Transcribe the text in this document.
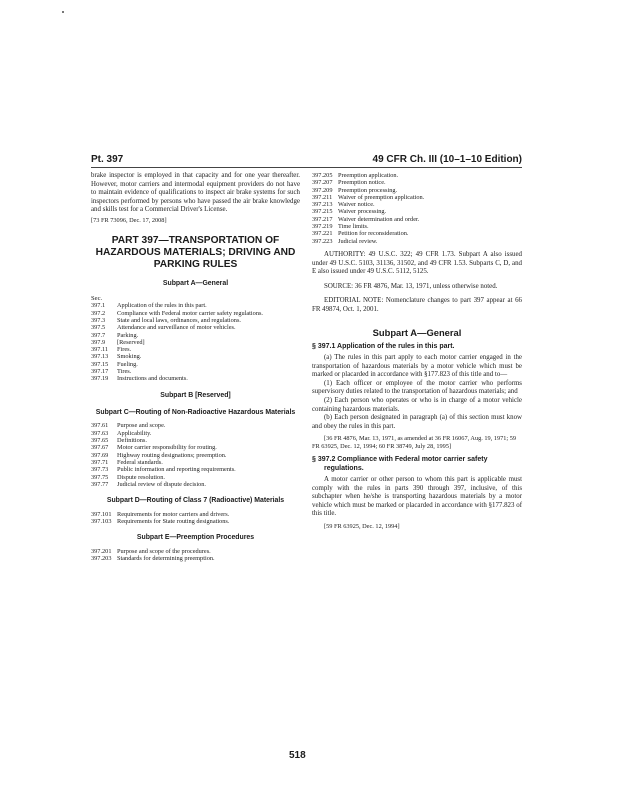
Pt. 397	49 CFR Ch. III (10–1–10 Edition)

brake inspector is employed in that capacity and for one year thereafter. However, motor carriers and intermodal equipment providers do not have to maintain evidence of qualifications to inspect air brake systems for such inspectors performed by persons who have passed the air brake knowledge and skills test for a Commercial Driver's License.

[73 FR 73096, Dec. 17, 2008]

PART 397—TRANSPORTATION OF HAZARDOUS MATERIALS; DRIVING AND PARKING RULES

Subpart A—General

Sec.

397.1	Application of the rules in this part.
397.2	Compliance with Federal motor carrier safety regulations.
397.3	State and local laws, ordinances, and regulations.
397.5	Attendance and surveillance of motor vehicles.
397.7	Parking.
397.9	[Reserved]
397.11	Fires.
397.13	Smoking.
397.15	Fueling.
397.17	Tires.
397.19	Instructions and documents.

Subpart B [Reserved]

Subpart C—Routing of Non-Radioactive Hazardous Materials

397.61	Purpose and scope.
397.63	Applicability.
397.65	Definitions.
397.67	Motor carrier responsibility for routing.
397.69	Highway routing designations; preemption.
397.71	Federal standards.
397.73	Public information and reporting requirements.
397.75	Dispute resolution.
397.77	Judicial review of dispute decision.

Subpart D—Routing of Class 7 (Radioactive) Materials

397.101 Requirements for motor carriers and drivers.
397.103 Requirements for State routing designations.

Subpart E—Preemption Procedures

397.201 Purpose and scope of the procedures.
397.203 Standards for determining preemption.
397.205 Preemption application.
397.207 Preemption notice.
397.209 Preemption processing.
397.211 Waiver of preemption application.
397.213 Waiver notice.
397.215 Waiver processing.
397.217 Waiver determination and order.
397.219 Time limits.
397.221 Petition for reconsideration.
397.223 Judicial review.

AUTHORITY: 49 U.S.C. 322; 49 CFR 1.73. Subpart A also issued under 49 U.S.C. 5103, 31136, 31502, and 49 CFR 1.53. Subparts C, D, and E also issued under 49 U.S.C. 5112, 5125.

SOURCE: 36 FR 4876, Mar. 13, 1971, unless otherwise noted.

EDITORIAL NOTE: Nomenclature changes to part 397 appear at 66 FR 49874, Oct. 1, 2001.

Subpart A—General

§ 397.1 Application of the rules in this part.

(a) The rules in this part apply to each motor carrier engaged in the transportation of hazardous materials by a motor vehicle which must be marked or placarded in accordance with §177.823 of this title and to—

(1) Each officer or employee of the motor carrier who performs supervisory duties related to the transportation of hazardous materials; and

(2) Each person who operates or who is in charge of a motor vehicle containing hazardous materials.

(b) Each person designated in paragraph (a) of this section must know and obey the rules in this part.

[36 FR 4876, Mar. 13, 1971, as amended at 36 FR 16067, Aug. 19, 1971; 59 FR 63925, Dec. 12, 1994; 60 FR 38749, July 28, 1995]

§ 397.2 Compliance with Federal motor carrier safety regulations.

A motor carrier or other person to whom this part is applicable must comply with the rules in parts 390 through 397, inclusive, of this subchapter when he/she is transporting hazardous materials by a motor vehicle which must be marked or placarded in accordance with §177.823 of this title.

[59 FR 63925, Dec. 12, 1994]

518
